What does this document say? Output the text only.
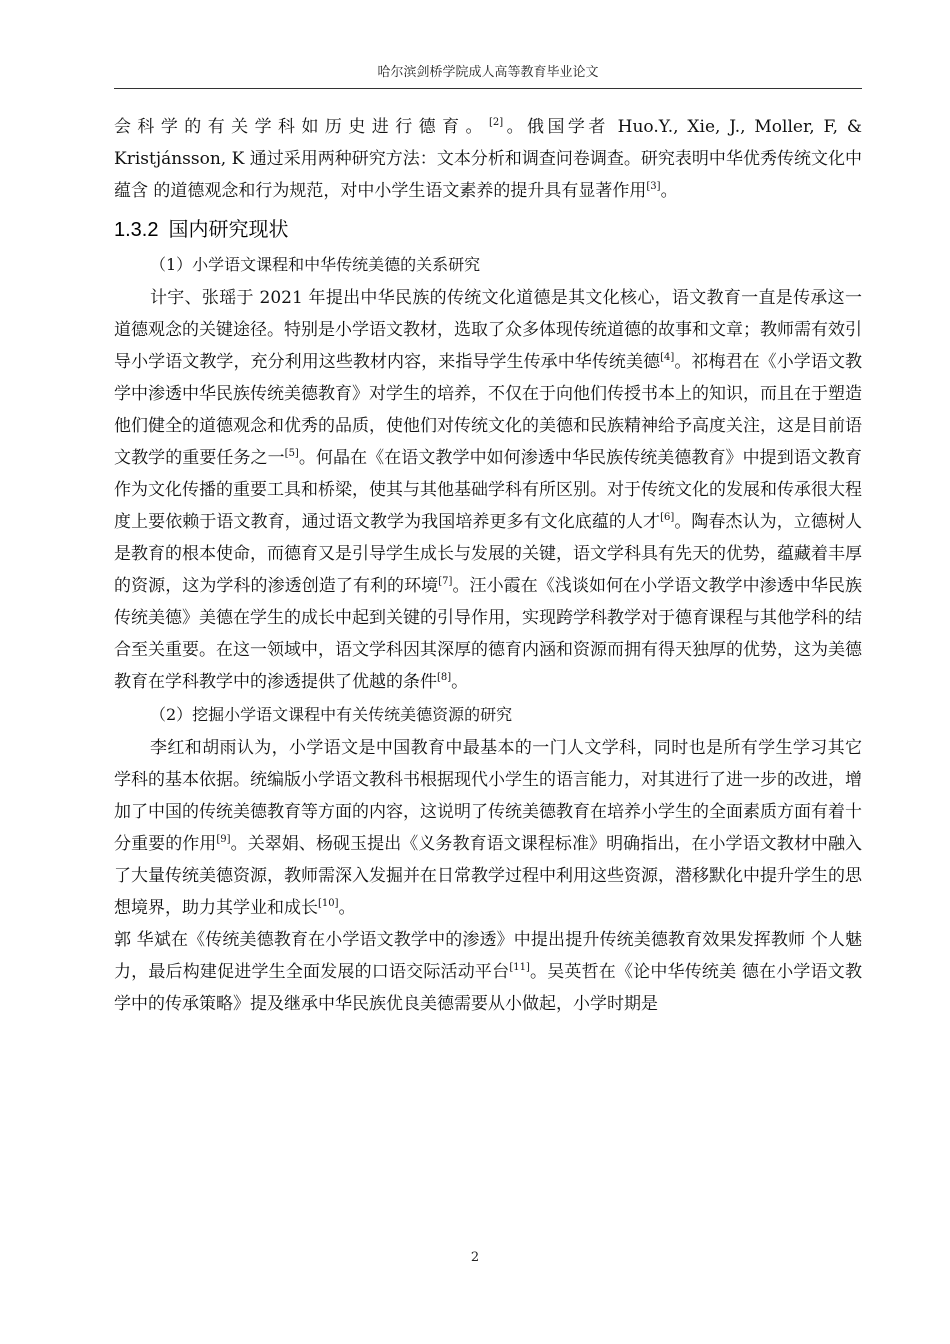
哈尔滨剑桥学院成人高等教育毕业论文

会科学的有关学科如历史进行德育。[2]。俄国学者 Huo.Y., Xie, J., Moller, F, & Kristjánsson, K 通过采用两种研究方法：文本分析和调查问卷调查。研究表明中华优秀传统文化中蕴含 的道德观念和行为规范，对中小学生语文素养的提升具有显著作用[3]。

1.3.2 国内研究现状

（1）小学语文课程和中华传统美德的关系研究

计宇、张瑶于 2021 年提出中华民族的传统文化道德是其文化核心，语文教育一直是传承这一道德观念的关键途径。特别是小学语文教材，选取了众多体现传统道德的故事和文章；教师需有效引导小学语文教学，充分利用这些教材内容，来指导学生传承中华传统美德[4]。祁梅君在《小学语文教学中渗透中华民族传统美德教育》对学生的培养，不仅在于向他们传授书本上的知识，而且在于塑造他们健全的道德观念和优秀的品质，使他们对传统文化的美德和民族精神给予高度关注，这是目前语文教学的重要任务之一[5]。何晶在《在语文教学中如何渗透中华民族传统美德教育》中提到语文教育作为文化传播的重要工具和桥梁，使其与其他基础学科有所区别。对于传统文化的发展和传承很大程度上要依赖于语文教育，通过语文教学为我国培养更多有文化底蕴的人才[6]。陶春杰认为，立德树人是教育的根本使命，而德育又是引导学生成长与发展的关键，语文学科具有先天的优势，蕴藏着丰厚的资源，这为学科的渗透创造了有利的环境[7]。汪小霞在《浅谈如何在小学语文教学中渗透中华民族传统美德》美德在学生的成长中起到关键的引导作用，实现跨学科教学对于德育课程与其他学科的结合至关重要。在这一领域中，语文学科因其深厚的德育内涵和资源而拥有得天独厚的优势，这为美德教育在学科教学中的渗透提供了优越的条件[8]。

（2）挖掘小学语文课程中有关传统美德资源的研究

李红和胡雨认为，小学语文是中国教育中最基本的一门人文学科，同时也是所有学生学习其它学科的基本依据。统编版小学语文教科书根据现代小学生的语言能力，对其进行了进一步的改进，增加了中国的传统美德教育等方面的内容，这说明了传统美德教育在培养小学生的全面素质方面有着十分重要的作用[9]。关翠娟、杨砚玉提出《义务教育语文课程标准》明确指出，在小学语文教材中融入了大量传统美德资源，教师需深入发掘并在日常教学过程中利用这些资源，潜移默化中提升学生的思想境界，助力其学业和成长[10]。

郭 华斌在《传统美德教育在小学语文教学中的渗透》中提出提升传统美德教育效果发挥教师 个人魅力，最后构建促进学生全面发展的口语交际活动平台[11]。吴英哲在《论中华传统美 德在小学语文教学中的传承策略》提及继承中华民族优良美德需要从小做起，小学时期是

2
